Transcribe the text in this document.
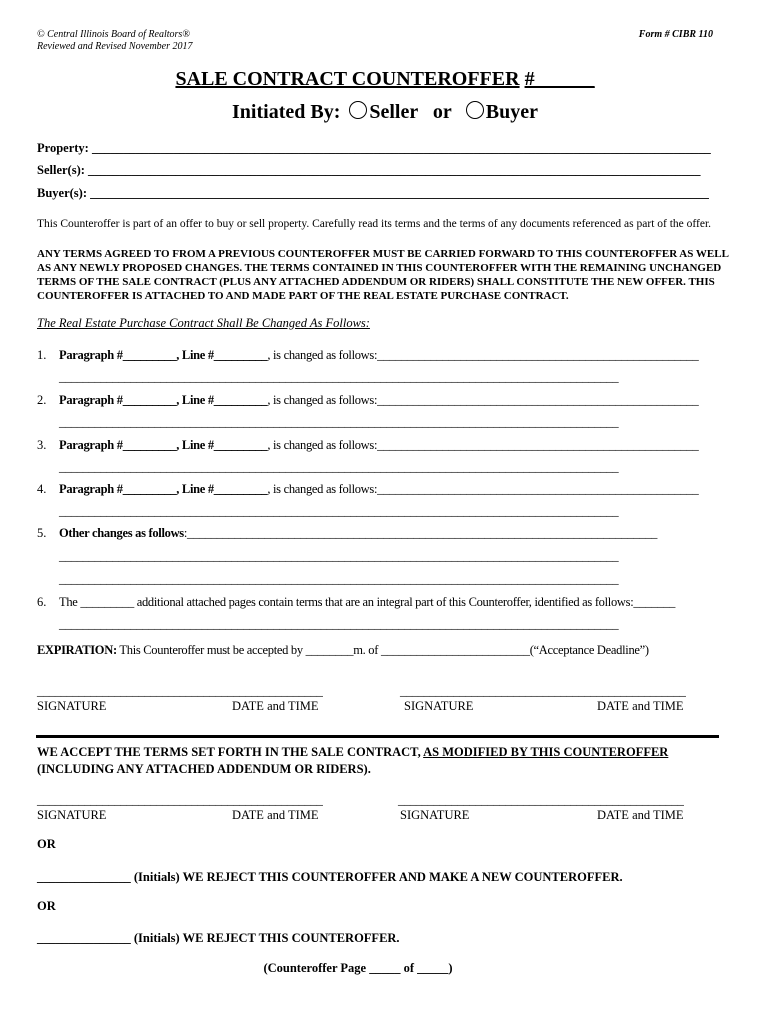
© Central Illinois Board of Realtors®
Reviewed and Revised November 2017
Form # CIBR 110
SALE CONTRACT COUNTEROFFER #______
Initiated By: Seller or Buyer
Property: ___________________________________________________________________________________________________
Seller(s): __________________________________________________________________________________________________
Buyer(s): ___________________________________________________________________________________________________
This Counteroffer is part of an offer to buy or sell property. Carefully read its terms and the terms of any documents referenced as part of the offer.
ANY TERMS AGREED TO FROM A PREVIOUS COUNTEROFFER MUST BE CARRIED FORWARD TO THIS COUNTEROFFER AS WELL AS ANY NEWLY PROPOSED CHANGES. THE TERMS CONTAINED IN THIS COUNTEROFFER WITH THE REMAINING UNCHANGED TERMS OF THE SALE CONTRACT (PLUS ANY ATTACHED ADDENDUM OR RIDERS) SHALL CONSTITUTE THE NEW OFFER. THIS COUNTEROFFER IS ATTACHED TO AND MADE PART OF THE REAL ESTATE PURCHASE CONTRACT.
The Real Estate Purchase Contract Shall Be Changed As Follows:
1. Paragraph #_________, Line #_________, is changed as follows:______________________________________________________
______________________________________________________________________________________________
2. Paragraph #_________, Line #_________, is changed as follows:______________________________________________________
______________________________________________________________________________________________
3. Paragraph #_________, Line #_________, is changed as follows:______________________________________________________
______________________________________________________________________________________________
4. Paragraph #_________, Line #_________, is changed as follows:______________________________________________________
______________________________________________________________________________________________
5. Other changes as follows:_______________________________________________________________________________
______________________________________________________________________________________________
______________________________________________________________________________________________
6. The _________ additional attached pages contain terms that are an integral part of this Counteroffer, identified as follows:_______
______________________________________________________________________________________________
EXPIRATION: This Counteroffer must be accepted by ________m. of _________________________(“Acceptance Deadline”)
________________________________________________	________________________________________________
SIGNATURE	DATE and TIME	SIGNATURE	DATE and TIME
WE ACCEPT THE TERMS SET FORTH IN THE SALE CONTRACT, AS MODIFIED BY THIS COUNTEROFFER
(INCLUDING ANY ATTACHED ADDENDUM OR RIDERS).
________________________________________________	________________________________________________
SIGNATURE	DATE and TIME	SIGNATURE	DATE and TIME
OR
_______________ (Initials) WE REJECT THIS COUNTEROFFER AND MAKE A NEW COUNTEROFFER.
OR
_______________ (Initials) WE REJECT THIS COUNTEROFFER.
(Counteroffer Page _____ of _____)
